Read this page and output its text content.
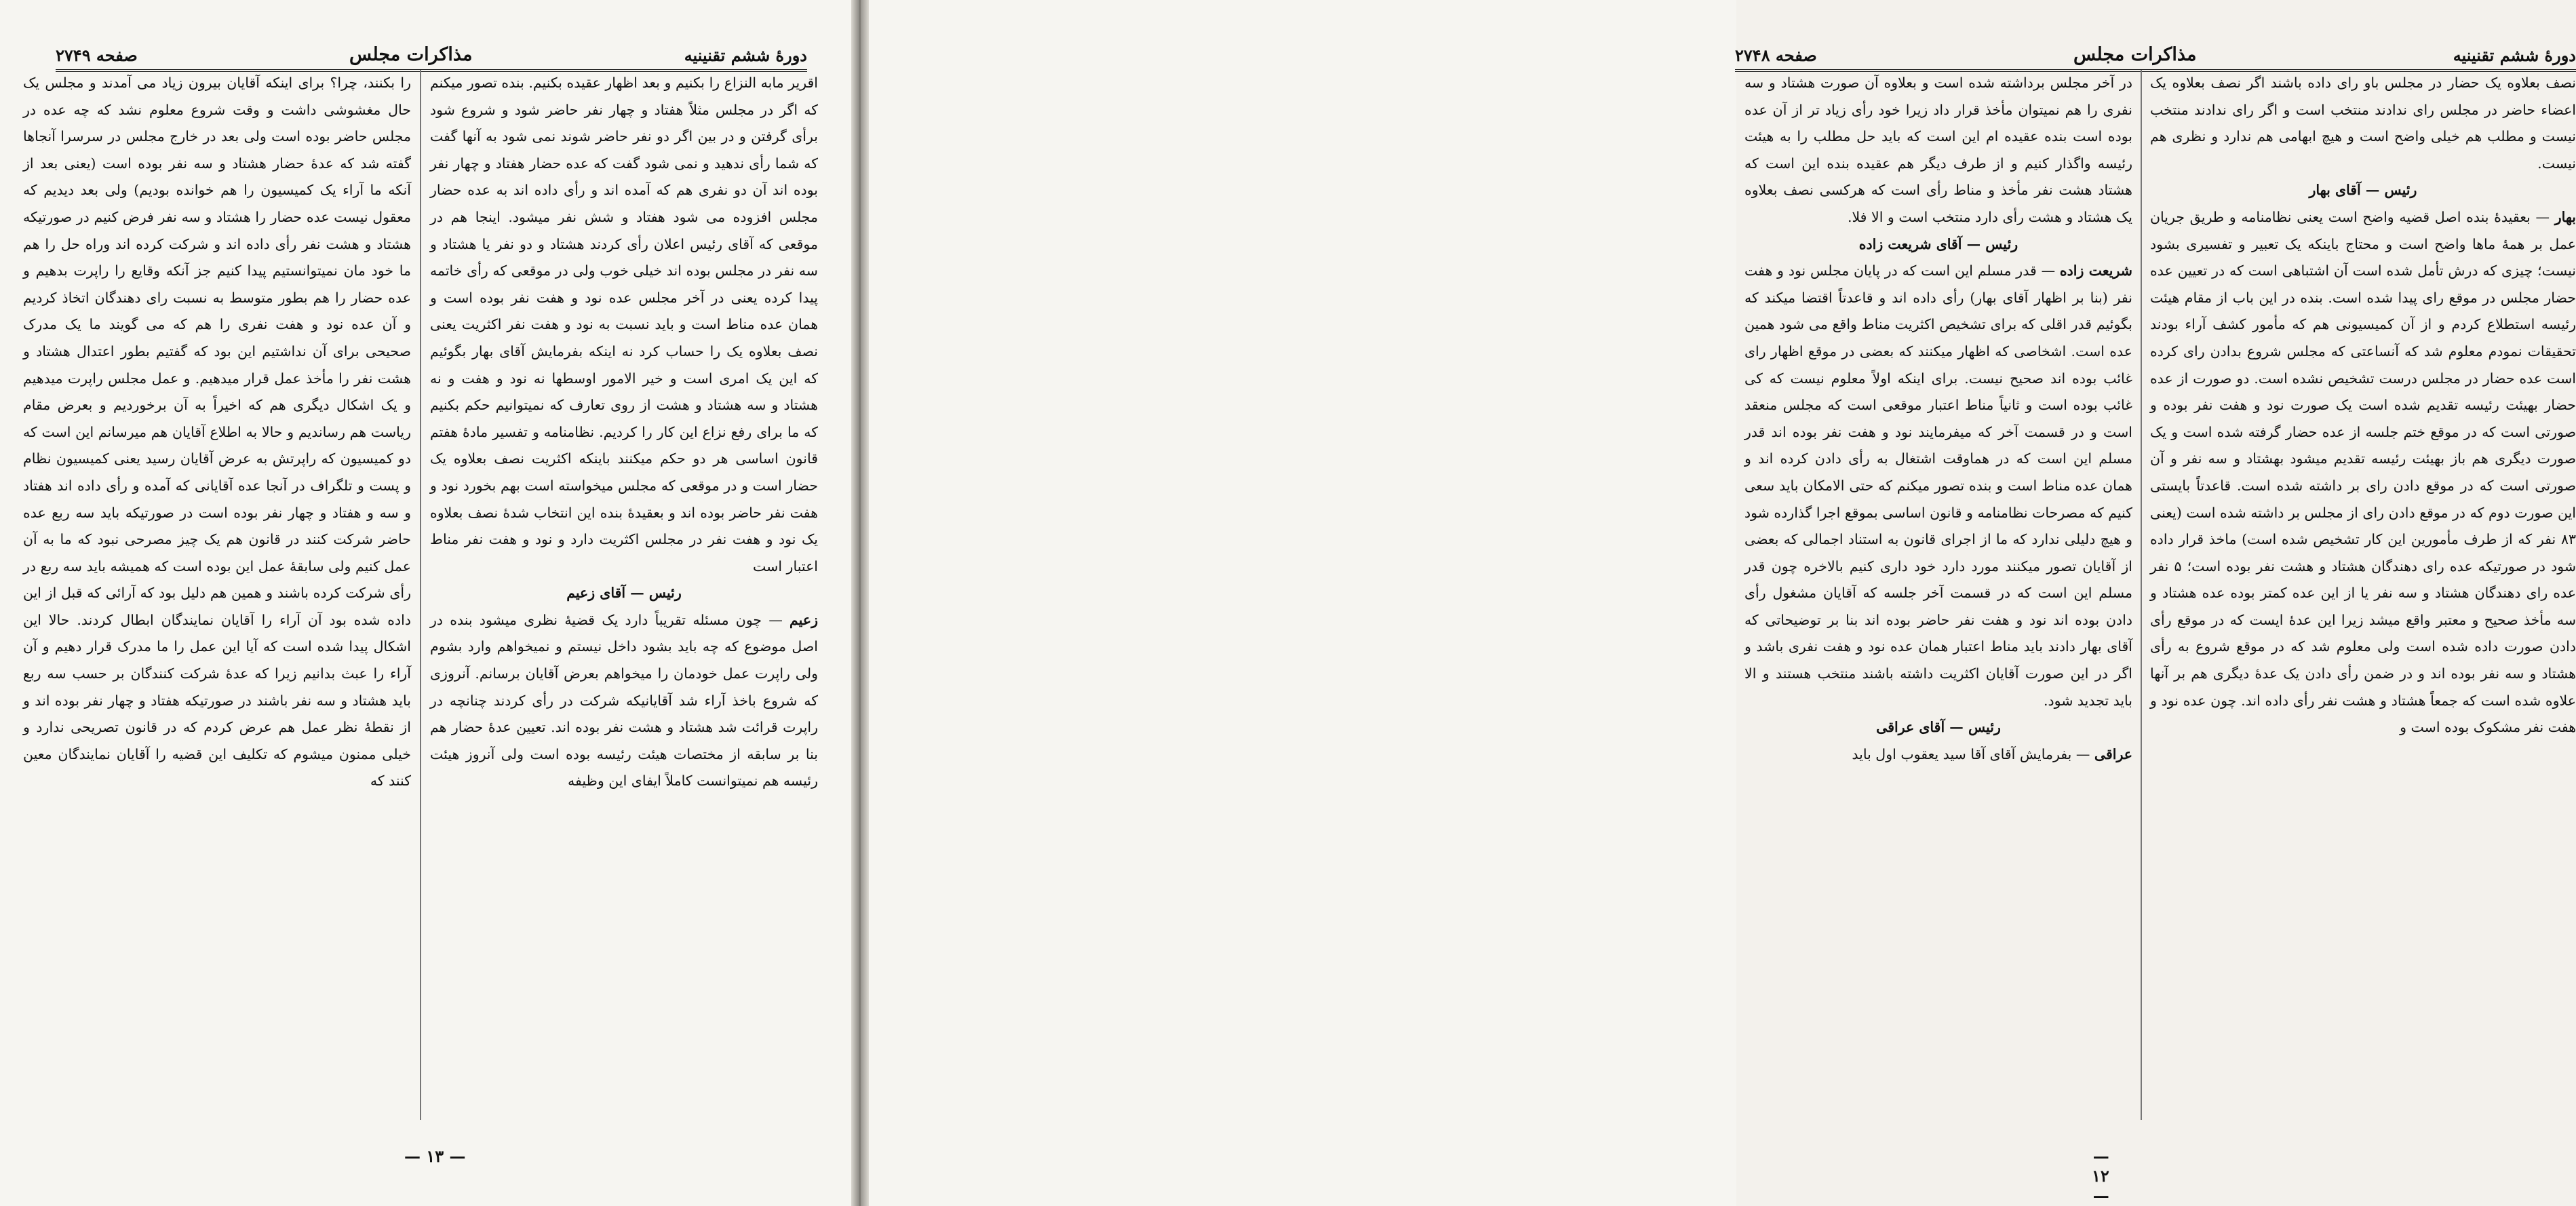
دورهٔ ششم تقنینیه
مذاکرات مجلس
صفحه ۲۷۴۹

اقریر مابه النزاع را بکنیم و بعد اظهار عقیده بکنیم. بنده تصور میکنم که اگر در مجلس مثلاً هفتاد و چهار نفر حاضر شود و شروع شود برأی گرفتن و در بین اگر دو نفر حاضر شوند نمی شود به آنها گفت که شما رأی ندهید و نمی شود گفت که عده حضار هفتاد و چهار نفر بوده اند آن دو نفری هم که آمده اند و رأی داده اند به عده حضار مجلس افزوده می شود هفتاد و شش نفر میشود. اینجا هم در موقعی که آقای رئیس اعلان رأی کردند هشتاد و دو نفر یا هشتاد و سه نفر در مجلس بوده اند خیلی خوب ولی در موقعی که رأی خاتمه پیدا کرده یعنی در آخر مجلس عده نود و هفت نفر بوده است و همان عده مناط است و باید نسبت به نود و هفت نفر اکثریت یعنی نصف بعلاوه یک را حساب کرد نه اینکه بفرمایش آقای بهار بگوئیم که این یک امری است و خیر الامور اوسطها نه نود و هفت و نه هشتاد و سه هشتاد و هشت از روی تعارف که نمیتوانیم حکم بکنیم که ما برای رفع نزاع این کار را کردیم. نظامنامه و تفسیر مادهٔ هفتم قانون اساسی هر دو حکم میکنند باینکه اکثریت نصف بعلاوه یک حضار است و در موقعی که مجلس میخواسته است بهم بخورد نود و هفت نفر حاضر بوده اند و بعقیدهٔ بنده این انتخاب شدهٔ نصف بعلاوه یک نود و هفت نفر در مجلس اکثریت دارد و نود و هفت نفر مناط اعتبار است

رئیس — آقای زعیم

زعیم — چون مسئله تقریباً دارد یک قضیهٔ نظری میشود بنده در اصل موضوع که چه باید بشود داخل نیستم و نمیخواهم وارد بشوم ولی راپرت عمل خودمان را میخواهم بعرض آقایان برسانم. آنروزی که شروع باخذ آراء شد آقایانیکه شرکت در رأی کردند چنانچه در راپرت قرائت شد هشتاد و هشت نفر بوده اند. تعیین عدهٔ حضار هم بنا بر سابقه از مختصات هیئت رئیسه بوده است ولی آنروز هیئت رئیسه هم نمیتوانست کاملاً ایفای این وظیفه

را بکنند، چرا؟ برای اینکه آقایان بیرون زیاد می آمدند و مجلس یک حال مغشوشی داشت و وقت شروع معلوم نشد که چه عده در مجلس حاضر بوده است ولی بعد در خارج مجلس در سرسرا آنجاها گفته شد که عدهٔ حضار هشتاد و سه نفر بوده است (یعنی بعد از آنکه ما آراء یک کمیسیون را هم خوانده بودیم) ولی بعد دیدیم که معقول نیست عده حضار را هشتاد و سه نفر فرض کنیم در صورتیکه هشتاد و هشت نفر رأی داده اند و شرکت کرده اند وراه حل را هم ما خود مان نمیتوانستیم پیدا کنیم جز آنکه وقایع را راپرت بدهیم و عده حضار را هم بطور متوسط به نسبت رای دهندگان اتخاذ کردیم و آن عده نود و هفت نفری را هم که می گویند ما یک مدرک صحیحی برای آن نداشتیم این بود که گفتیم بطور اعتدال هشتاد و هشت نفر را مأخذ عمل قرار میدهیم. و عمل مجلس راپرت میدهیم و یک اشکال دیگری هم که اخیراً به آن برخوردیم و بعرض مقام ریاست هم رساندیم و حالا به اطلاع آقایان هم میرسانم این است که دو کمیسیون که راپرتش به عرض آقایان رسید یعنی کمیسیون نظام و پست و تلگراف در آنجا عده آقایانی که آمده و رأی داده اند هفتاد و سه و هفتاد و چهار نفر بوده است در صورتیکه باید سه ربع عده حاضر شرکت کنند در قانون هم یک چیز مصرحی نبود که ما به آن عمل کنیم ولی سابقهٔ عمل این بوده است که همیشه باید سه ربع در رأی شرکت کرده باشند و همین هم دلیل بود که آرائی که قبل از این داده شده بود آن آراء را آقایان نمایندگان ابطال کردند. حالا این اشکال پیدا شده است که آیا این عمل را ما مدرک قرار دهیم و آن آراء را عبث بدانیم زیرا که عدهٔ شرکت کنندگان بر حسب سه ربع باید هشتاد و سه نفر باشند در صورتیکه هفتاد و چهار نفر بوده اند و از نقطهٔ نظر عمل هم عرض کردم که در قانون تصریحی ندارد و خیلی ممنون میشوم که تکلیف این قضیه را آقایان نمایندگان معین کنند که

— ۱۳ —
دورهٔ ششم تقنینیه
مذاکرات مجلس
صفحه ۲۷۴۸

نصف بعلاوه یک حضار در مجلس باو رای داده باشند اگر نصف بعلاوه یک اعضاء حاضر در مجلس رای ندادند منتخب است و اگر رای ندادند منتخب نیست و مطلب هم خیلی واضح است و هیچ ابهامی هم ندارد و نظری هم نیست.

رئیس — آقای بهار

بهار — بعقیدهٔ بنده اصل قضیه واضح است یعنی نظامنامه و طریق جریان عمل بر همهٔ ماها واضح است و محتاج باینکه یک تعبیر و تفسیری بشود نیست؛ چیزی که درش تأمل شده است آن اشتباهی است که در تعیین عده حضار مجلس در موقع رای پیدا شده است. بنده در این باب از مقام هیئت رئیسه استطلاع کردم و از آن کمیسیونی هم که مأمور کشف آراء بودند تحقیقات نمودم معلوم شد که آنساعتی که مجلس شروع بدادن رای کرده است عده حضار در مجلس درست تشخیص نشده است. دو صورت از عده حضار بهیئت رئیسه تقدیم شده است یک صورت نود و هفت نفر بوده و صورتی است که در موقع ختم جلسه از عده حضار گرفته شده است و یک صورت دیگری هم باز بهیئت رئیسه تقدیم میشود بهشتاد و سه نفر و آن صورتی است که در موقع دادن رای بر داشته شده است. قاعدتاً بایستی این صورت دوم که در موقع دادن رای از مجلس بر داشته شده است (یعنی ۸۳ نفر که از طرف مأمورین این کار تشخیص شده است) ماخذ قرار داده شود در صورتیکه عده رای دهندگان هشتاد و هشت نفر بوده است؛ ۵ نفر عده رای دهندگان هشتاد و سه نفر یا از این عده کمتر بوده عده هشتاد و سه مأخذ صحیح و معتبر واقع میشد زیرا این عدهٔ ایست که در موقع رأی دادن صورت داده شده است ولی معلوم شد که در موقع شروع به رأی هشتاد و سه نفر بوده اند و در ضمن رأی دادن یک عدهٔ دیگری هم بر آنها علاوه شده است که جمعاً هشتاد و هشت نفر رأی داده اند. چون عده نود و هفت نفر مشکوک بوده است و

در آخر مجلس برداشته شده است و بعلاوه آن صورت هشتاد و سه نفری را هم نمیتوان مأخذ قرار داد زیرا خود رأی زیاد تر از آن عده بوده است بنده عقیده ام این است که باید حل مطلب را به هیئت رئیسه واگذار کنیم و از طرف دیگر هم عقیده بنده این است که هشتاد هشت نفر مأخذ و مناط رأی است که هرکسی نصف بعلاوه یک هشتاد و هشت رأی دارد منتخب است و الا فلا.

رئیس — آقای شریعت زاده

شریعت زاده — قدر مسلم این است که در پایان مجلس نود و هفت نفر (بنا بر اظهار آقای بهار) رأی داده اند و قاعدتاً اقتضا میکند که بگوئیم قدر اقلی که برای تشخیص اکثریت مناط واقع می شود همین عده است. اشخاصی که اظهار میکنند که بعضی در موقع اظهار رای غائب بوده اند صحیح نیست. برای اینکه اولاً معلوم نیست که کی غائب بوده است و ثانیاً مناط اعتبار موقعی است که مجلس منعقد است و در قسمت آخر که میفرمایند نود و هفت نفر بوده اند قدر مسلم این است که در هماوقت اشتغال به رأی دادن کرده اند و همان عده مناط است و بنده تصور میکنم که حتی الامکان باید سعی کنیم که مصرحات نظامنامه و قانون اساسی بموقع اجرا گذارده شود و هیچ دلیلی ندارد که ما از اجرای قانون به استناد اجمالی که بعضی از آقایان تصور میکنند مورد دارد خود داری کنیم بالاخره چون قدر مسلم این است که در قسمت آخر جلسه که آقایان مشغول رأی دادن بوده اند نود و هفت نفر حاضر بوده اند بنا بر توضیحاتی که آقای بهار دادند باید مناط اعتبار همان عده نود و هفت نفری باشد و اگر در این صورت آقایان اکثریت داشته باشند منتخب هستند و الا باید تجدید شود.

رئیس — آقای عراقی

عراقی — بفرمایش آقای آقا سید یعقوب اول باید

— ۱۲ —
